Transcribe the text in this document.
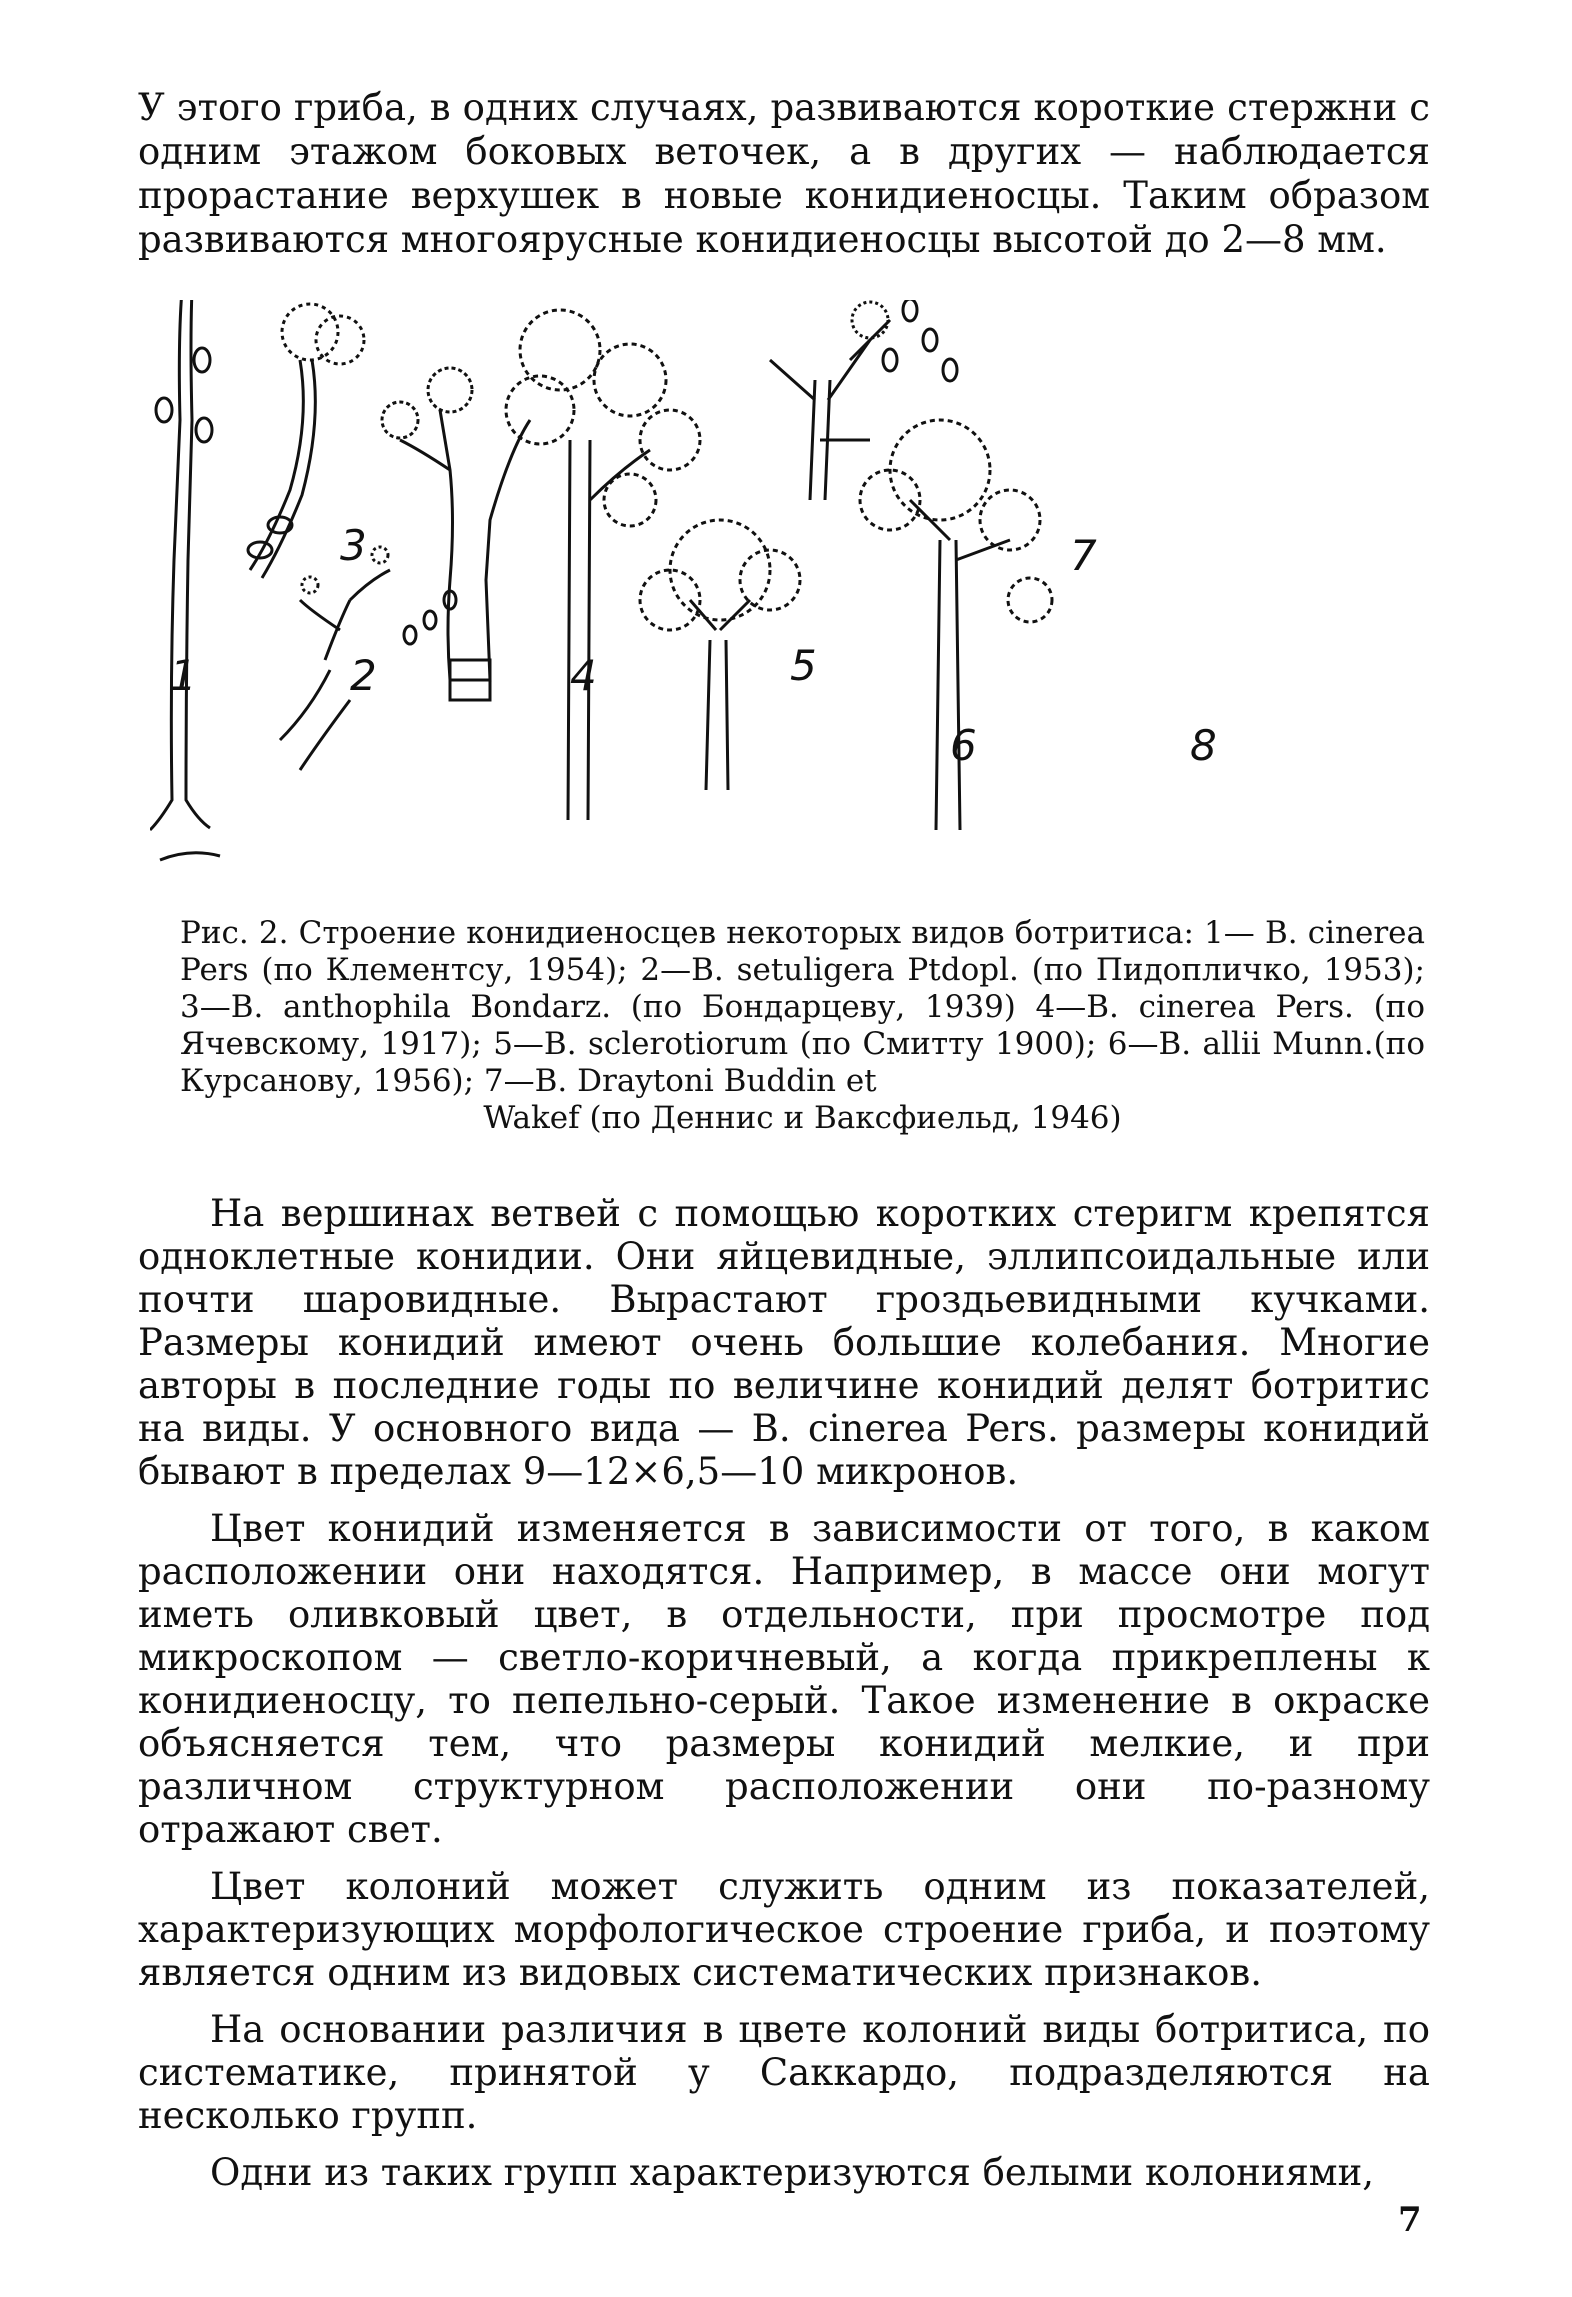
У этого гриба, в одних случаях, развиваются короткие стержни с одним этажом боковых веточек, а в других — наблюдается прорастание верхушек в новые конидиеносцы. Таким образом развиваются многоярусные конидиеносцы высотой до 2—8 мм.

1	2
3
4	5
6
7
8

Рис. 2. Строение конидиеносцев некоторых видов ботритиса: 1— B. cinerea Pers (по Клементсу, 1954); 2—B. setuligera Ptdopl. (по Пидопличко, 1953); 3—B. anthophila Bondarz. (по Бондарцеву, 1939) 4—B. cinerea Pers. (по Ячевскому, 1917); 5—B. sclerotiorum (по Смитту 1900); 6—B. allii Munn.(по Курсанову, 1956); 7—B. Draytoni Buddin et
Wakef (по Деннис и Ваксфиельд, 1946)

На вершинах ветвей с помощью коротких стеригм крепятся одноклетные конидии. Они яйцевидные, эллипсоидальные или почти шаровидные. Вырастают гроздьевидными кучками. Размеры конидий имеют очень большие колебания. Многие авторы в последние годы по величине конидий делят ботритис на виды. У основного вида — B. cinerea Pers. размеры конидий бывают в пределах 9—12×6,5—10 микронов.

Цвет конидий изменяется в зависимости от того, в каком расположении они находятся. Например, в массе они могут иметь оливковый цвет, в отдельности, при просмотре под микроскопом — светло-коричневый, а когда прикреплены к конидиеносцу, то пепельно-серый. Такое изменение в окраске объясняется тем, что размеры конидий мелкие, и при различном структурном расположении они по-разному отражают свет.

Цвет колоний может служить одним из показателей, характеризующих морфологическое строение гриба, и поэтому является одним из видовых систематических признаков.

На основании различия в цвете колоний виды ботритиса, по систематике, принятой у Саккардо, подразделяются на несколько групп.

Одни из таких групп характеризуются белыми колониями,

7
